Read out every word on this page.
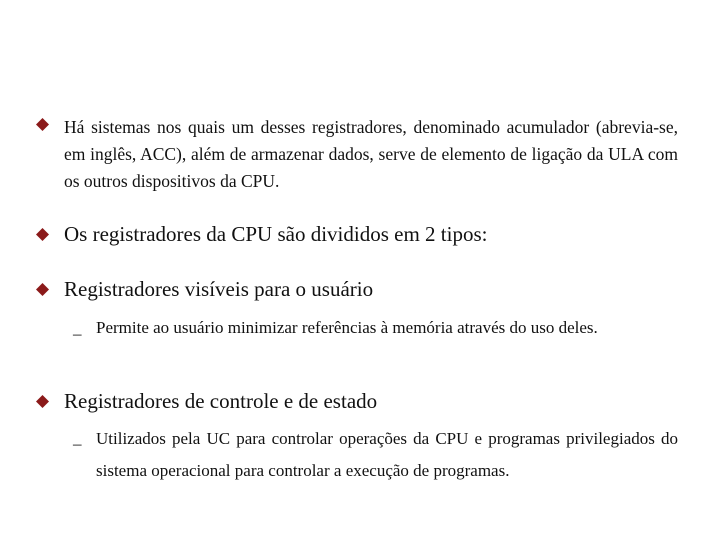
Há sistemas nos quais um desses registradores, denominado acumulador (abrevia-se, em inglês, ACC), além de armazenar dados, serve de elemento de ligação da ULA com os outros dispositivos da CPU.
Os registradores da CPU são divididos em 2 tipos:
Registradores visíveis para o usuário
– Permite ao usuário minimizar referências à memória através do uso deles.
Registradores de controle e de estado
– Utilizados pela UC para controlar operações da CPU e programas privilegiados do sistema operacional para controlar a execução de programas.
